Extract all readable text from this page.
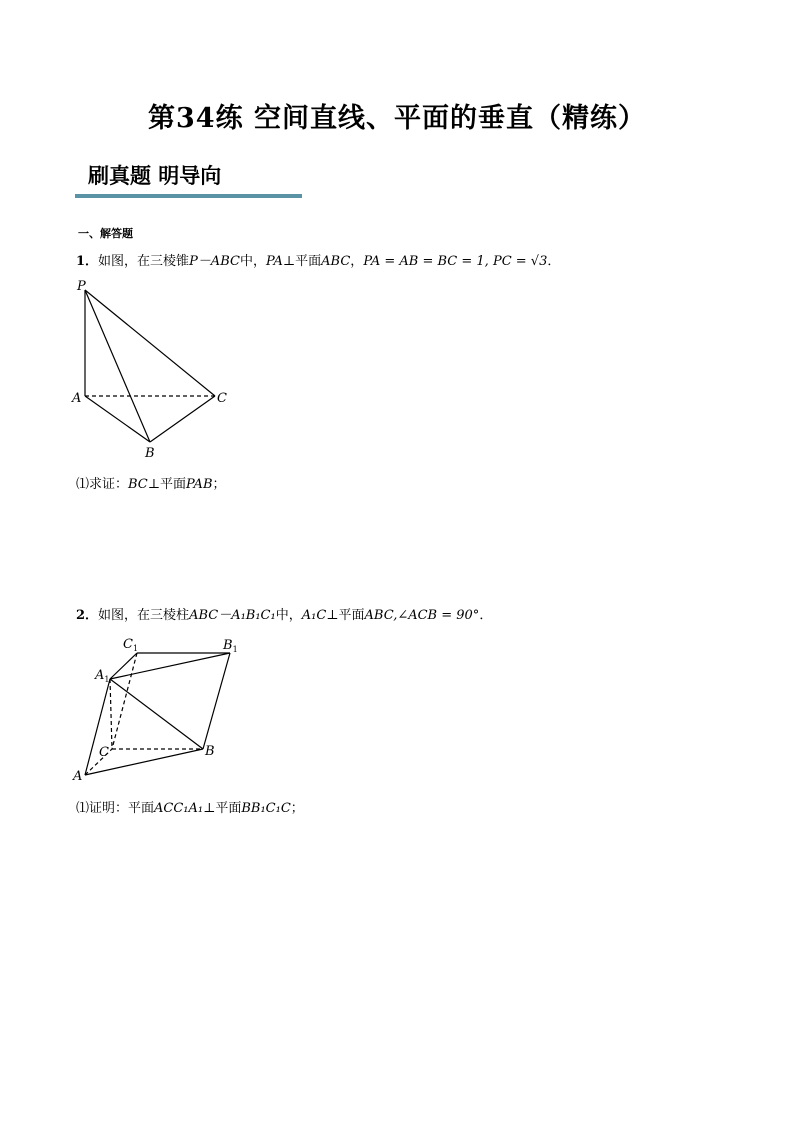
第34练 空间直线、平面的垂直（精练）
刷真题 明导向
一、解答题
1．如图，在三棱锥P－ABC中，PA⊥平面ABC，PA = AB = BC = 1, PC = √3．
P
A
B
C
⑴求证：BC⊥平面PAB；
2．如图，在三棱柱ABC－A₁B₁C₁中，A₁C⊥平面ABC,∠ACB = 90°．
$C_1$	$B_1$
$A_1$
C	B
A
⑴证明：平面ACC₁A₁⊥平面BB₁C₁C；
